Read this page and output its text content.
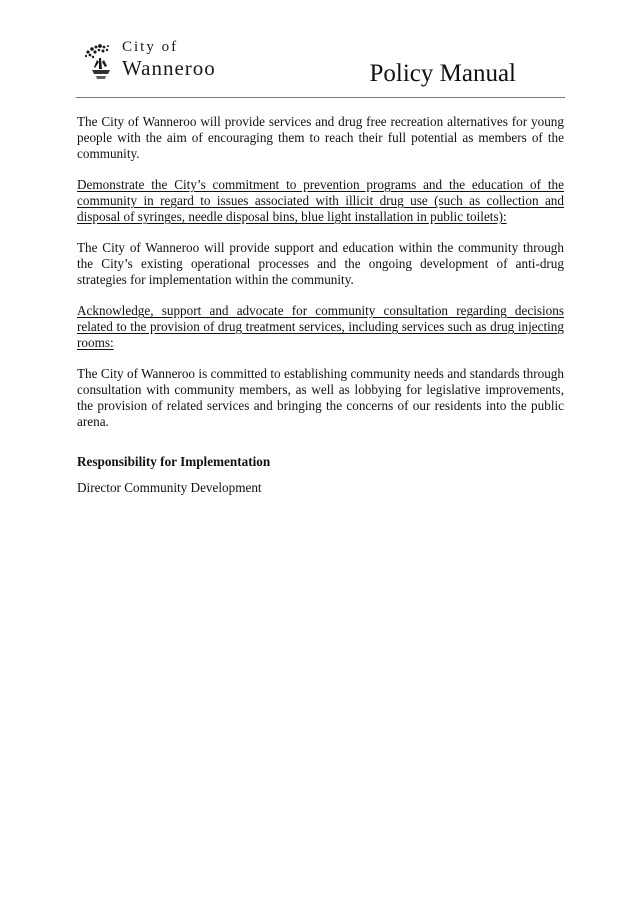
City of
Wanneroo	Policy Manual

The City of Wanneroo will provide services and drug free recreation alternatives for young people with the aim of encouraging them to reach their full potential as members of the community.

Demonstrate the City’s commitment to prevention programs and the education of the community in regard to issues associated with illicit drug use (such as collection and disposal of syringes, needle disposal bins, blue light installation in public toilets):

The City of Wanneroo will provide support and education within the community through the City’s existing operational processes and the ongoing development of anti-drug strategies for implementation within the community.

Acknowledge, support and advocate for community consultation regarding decisions related to the provision of drug treatment services, including services such as drug injecting rooms:

The City of Wanneroo is committed to establishing community needs and standards through consultation with community members, as well as lobbying for legislative improvements, the provision of related services and bringing the concerns of our residents into the public arena.

Responsibility for Implementation

Director Community Development
